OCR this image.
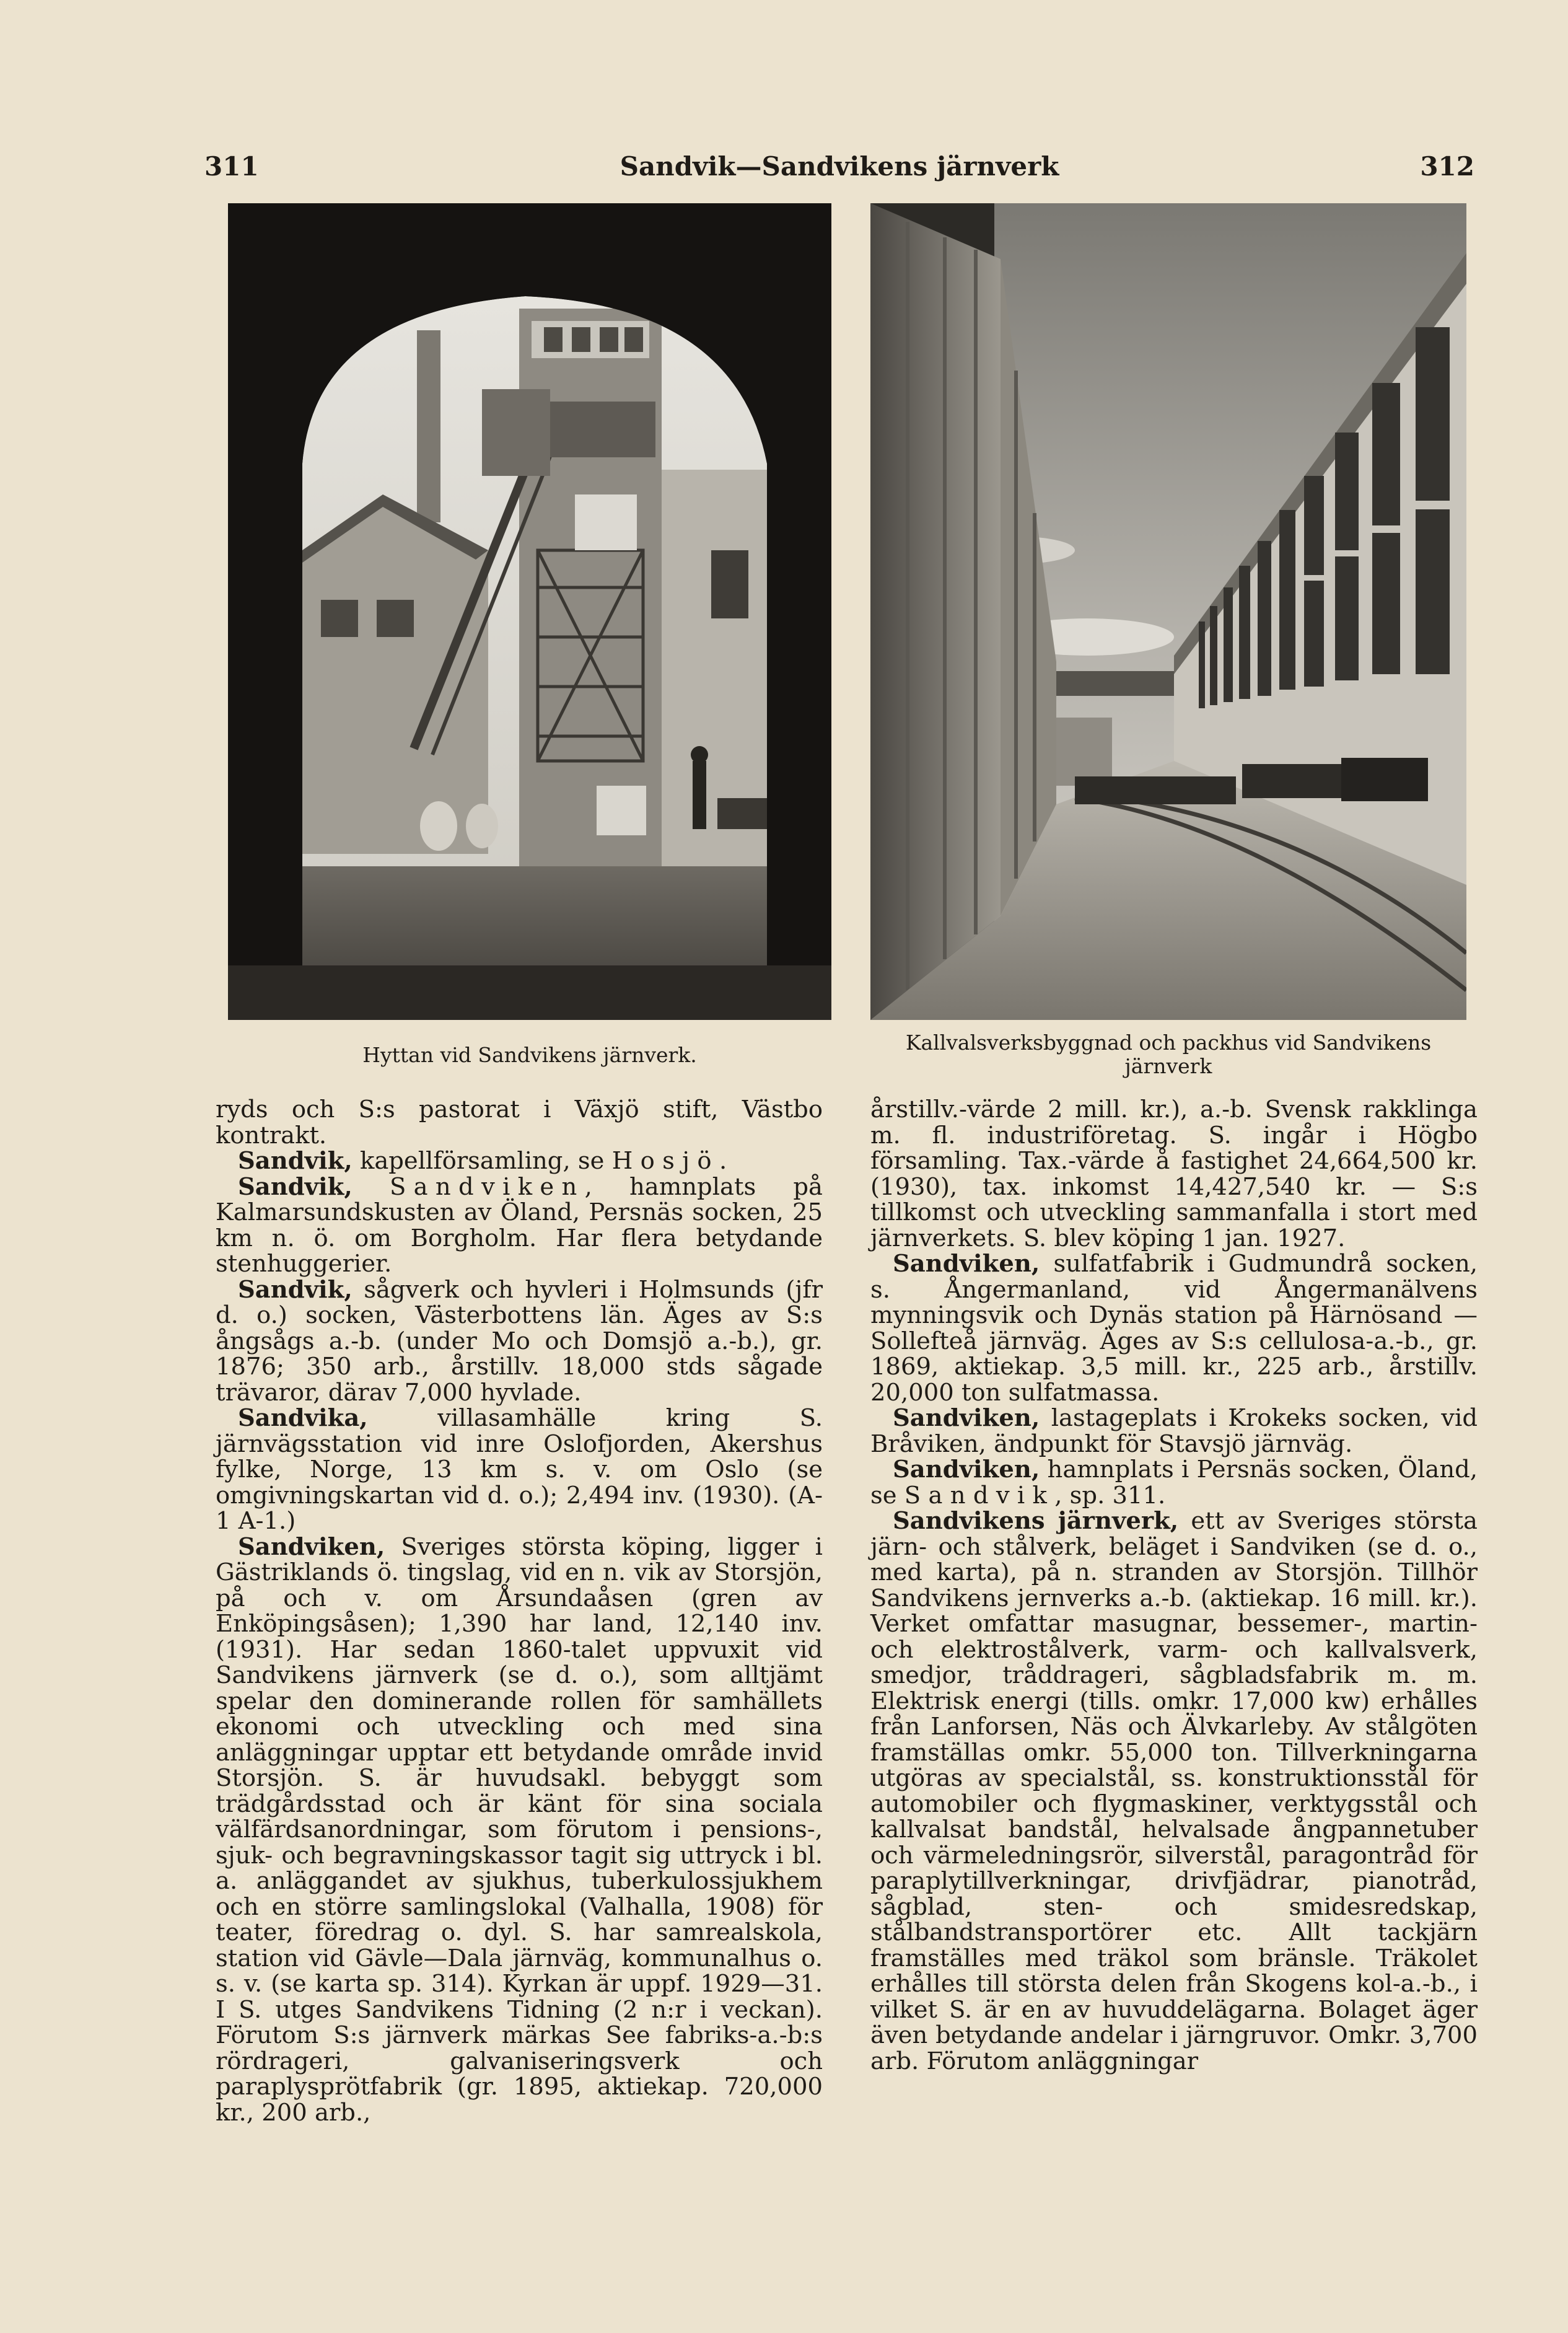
311	Sandvik—Sandvikens järnverk	312
Hyttan vid Sandvikens järnverk.
Kallvalsverksbyggnad och packhus vid Sandvikens järnverk

ryds och S:s pastorat i Växjö stift, Västbo kontrakt.

Sandvik, kapellförsamling, se Hosjö.

Sandvik, Sandviken, hamnplats på Kalmarsundskusten av Öland, Persnäs socken, 25 km n. ö. om Borgholm. Har flera betydande stenhuggerier.

Sandvik, sågverk och hyvleri i Holmsunds (jfr d. o.) socken, Västerbottens län. Äges av S:s ångsågs a.-b. (under Mo och Domsjö a.-b.), gr. 1876; 350 arb., årstillv. 18,000 stds sågade trävaror, därav 7,000 hyvlade.

Sandvika, villasamhälle kring S. järnvägsstation vid inre Oslofjorden, Akershus fylke, Norge, 13 km s. v. om Oslo (se omgivningskartan vid d. o.); 2,494 inv. (1930). (A-1 A-1.)

Sandviken, Sveriges största köping, ligger i Gästriklands ö. tingslag, vid en n. vik av Storsjön, på och v. om Årsundaåsen (gren av Enköpingsåsen); 1,390 har land, 12,140 inv. (1931). Har sedan 1860-talet uppvuxit vid Sandvikens järnverk (se d. o.), som alltjämt spelar den dominerande rollen för samhällets ekonomi och utveckling och med sina anläggningar upptar ett betydande område invid Storsjön. S. är huvudsakl. bebyggt som trädgårdsstad och är känt för sina sociala välfärdsanordningar, som förutom i pensions-, sjuk- och begravningskassor tagit sig uttryck i bl. a. anläggandet av sjukhus, tuberkulossjukhem och en större samlingslokal (Valhalla, 1908) för teater, föredrag o. dyl. S. har samrealskola, station vid Gävle—Dala järnväg, kommunalhus o. s. v. (se karta sp. 314). Kyrkan är uppf. 1929—31. I S. utges Sandvikens Tidning (2 n:r i veckan). Förutom S:s järnverk märkas See fabriks-a.-b:s rördrageri, galvaniseringsverk och paraplysprötfabrik (gr. 1895, aktiekap. 720,000 kr., 200 arb.,

årstillv.-värde 2 mill. kr.), a.-b. Svensk rakklinga m. fl. industriföretag. S. ingår i Högbo församling. Tax.-värde å fastighet 24,664,500 kr. (1930), tax. inkomst 14,427,540 kr. — S:s tillkomst och utveckling sammanfalla i stort med järnverkets. S. blev köping 1 jan. 1927.

Sandviken, sulfatfabrik i Gudmundrå socken, s. Ångermanland, vid Ångermanälvens mynningsvik och Dynäs station på Härnösand —Sollefteå järnväg. Äges av S:s cellulosa-a.-b., gr. 1869, aktiekap. 3,5 mill. kr., 225 arb., årstillv. 20,000 ton sulfatmassa.

Sandviken, lastageplats i Krokeks socken, vid Bråviken, ändpunkt för Stavsjö järnväg.

Sandviken, hamnplats i Persnäs socken, Öland, se Sandvik, sp. 311.

Sandvikens järnverk, ett av Sveriges största järn- och stålverk, beläget i Sandviken (se d. o., med karta), på n. stranden av Storsjön. Tillhör Sandvikens jernverks a.-b. (aktiekap. 16 mill. kr.). Verket omfattar masugnar, bessemer-, martin- och elektrostålverk, varm- och kallvalsverk, smedjor, tråddrageri, sågbladsfabrik m. m. Elektrisk energi (tills. omkr. 17,000 kw) erhålles från Lanforsen, Näs och Älvkarleby. Av stålgöten framställas omkr. 55,000 ton. Tillverkningarna utgöras av specialstål, ss. konstruktionsstål för automobiler och flygmaskiner, verktygsstål och kallvalsat bandstål, helvalsade ångpannetuber och värmeledningsrör, silverstål, paragontråd för paraplytillverkningar, drivfjädrar, pianotråd, sågblad, sten- och smidesredskap, stålbandstransportörer etc. Allt tackjärn framställes med träkol som bränsle. Träkolet erhålles till största delen från Skogens kol-a.-b., i vilket S. är en av huvuddelägarna. Bolaget äger även betydande andelar i järngruvor. Omkr. 3,700 arb. Förutom anläggningar
